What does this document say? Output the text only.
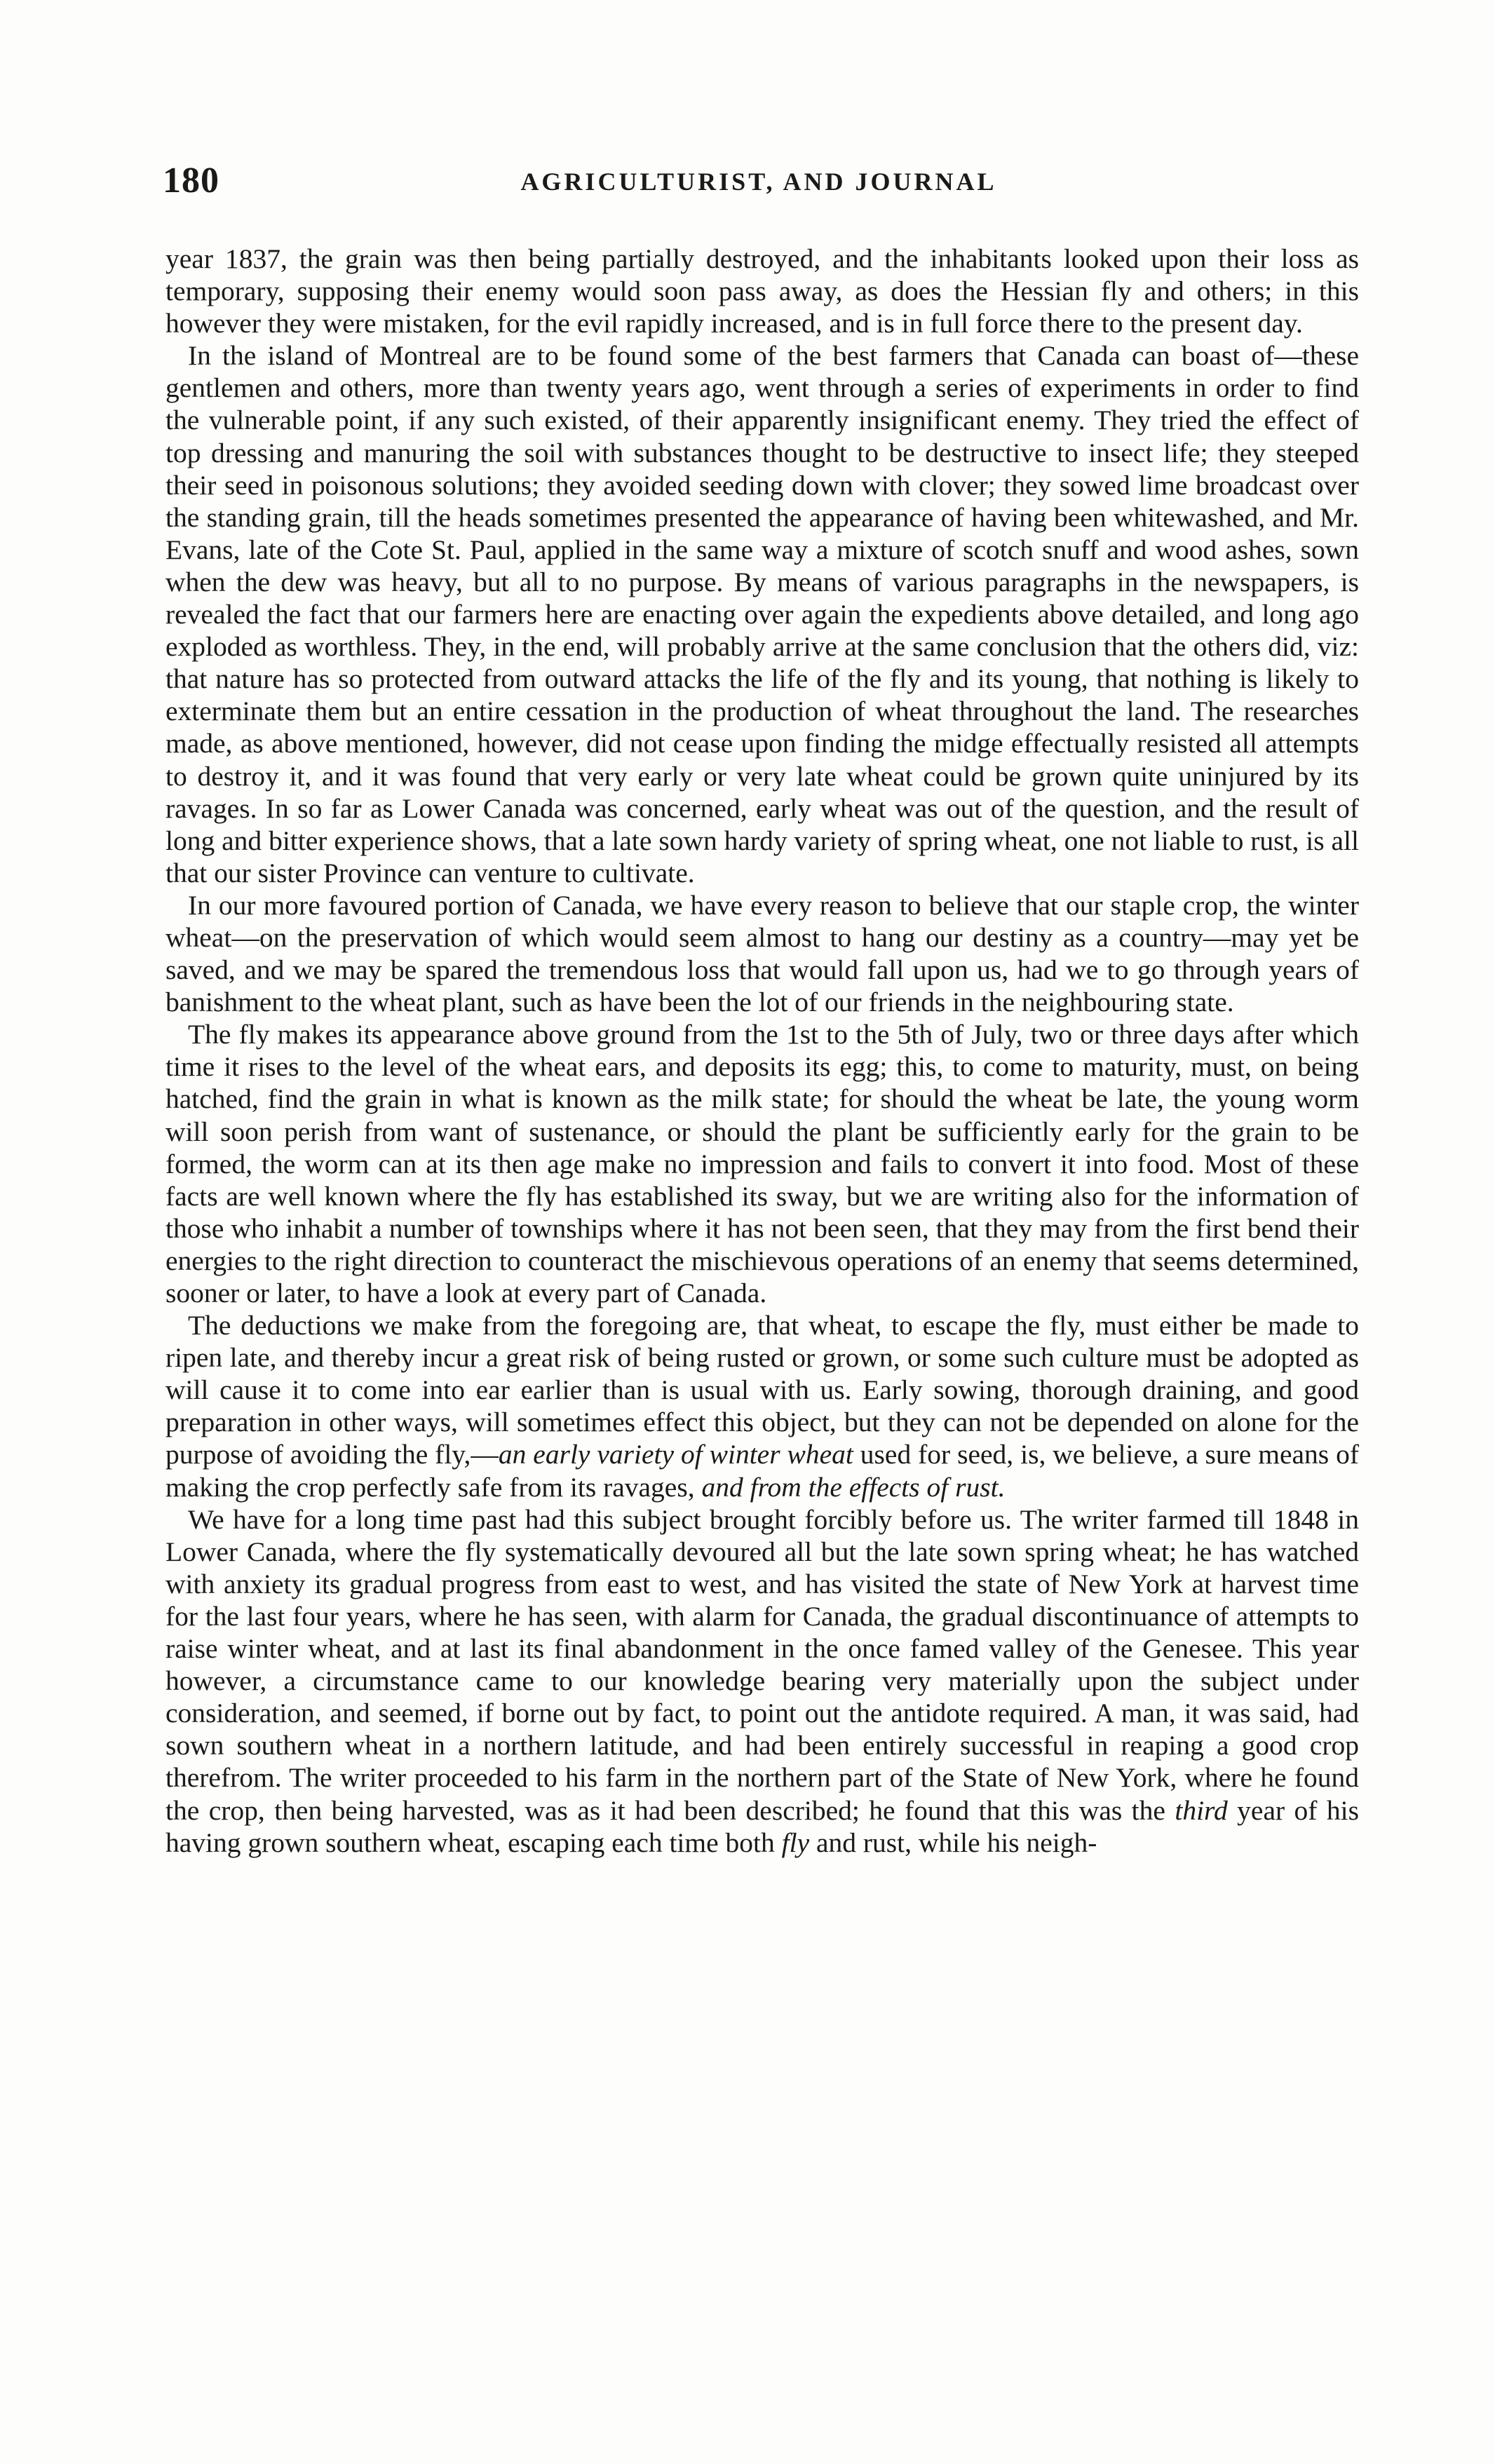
180	AGRICULTURIST, AND JOURNAL

year 1837, the grain was then being partially destroyed, and the inhabitants looked upon their loss as temporary, supposing their enemy would soon pass away, as does the Hessian fly and others; in this however they were mistaken, for the evil rapidly increased, and is in full force there to the present day.

In the island of Montreal are to be found some of the best farmers that Canada can boast of—these gentlemen and others, more than twenty years ago, went through a series of experiments in order to find the vulnerable point, if any such existed, of their apparently insignificant enemy. They tried the effect of top dressing and manuring the soil with substances thought to be destructive to insect life; they steeped their seed in poisonous solutions; they avoided seeding down with clover; they sowed lime broadcast over the standing grain, till the heads sometimes presented the appearance of having been whitewashed, and Mr. Evans, late of the Cote St. Paul, applied in the same way a mixture of scotch snuff and wood ashes, sown when the dew was heavy, but all to no purpose. By means of various paragraphs in the newspapers, is revealed the fact that our farmers here are enacting over again the expedients above detailed, and long ago exploded as worthless. They, in the end, will probably arrive at the same conclusion that the others did, viz: that nature has so protected from outward attacks the life of the fly and its young, that nothing is likely to exterminate them but an entire cessation in the production of wheat throughout the land. The researches made, as above mentioned, however, did not cease upon finding the midge effectually resisted all attempts to destroy it, and it was found that very early or very late wheat could be grown quite uninjured by its ravages. In so far as Lower Canada was concerned, early wheat was out of the question, and the result of long and bitter experience shows, that a late sown hardy variety of spring wheat, one not liable to rust, is all that our sister Province can venture to cultivate.

In our more favoured portion of Canada, we have every reason to believe that our staple crop, the winter wheat—on the preservation of which would seem almost to hang our destiny as a country—may yet be saved, and we may be spared the tremendous loss that would fall upon us, had we to go through years of banishment to the wheat plant, such as have been the lot of our friends in the neighbouring state.

The fly makes its appearance above ground from the 1st to the 5th of July, two or three days after which time it rises to the level of the wheat ears, and deposits its egg; this, to come to maturity, must, on being hatched, find the grain in what is known as the milk state; for should the wheat be late, the young worm will soon perish from want of sustenance, or should the plant be sufficiently early for the grain to be formed, the worm can at its then age make no impression and fails to convert it into food. Most of these facts are well known where the fly has established its sway, but we are writing also for the information of those who inhabit a number of townships where it has not been seen, that they may from the first bend their energies to the right direction to counteract the mischievous operations of an enemy that seems determined, sooner or later, to have a look at every part of Canada.

The deductions we make from the foregoing are, that wheat, to escape the fly, must either be made to ripen late, and thereby incur a great risk of being rusted or grown, or some such culture must be adopted as will cause it to come into ear earlier than is usual with us. Early sowing, thorough draining, and good preparation in other ways, will sometimes effect this object, but they can not be depended on alone for the purpose of avoiding the fly,—an early variety of winter wheat used for seed, is, we believe, a sure means of making the crop perfectly safe from its ravages, and from the effects of rust.

We have for a long time past had this subject brought forcibly before us. The writer farmed till 1848 in Lower Canada, where the fly systematically devoured all but the late sown spring wheat; he has watched with anxiety its gradual progress from east to west, and has visited the state of New York at harvest time for the last four years, where he has seen, with alarm for Canada, the gradual discontinuance of attempts to raise winter wheat, and at last its final abandonment in the once famed valley of the Genesee. This year however, a circumstance came to our knowledge bearing very materially upon the subject under consideration, and seemed, if borne out by fact, to point out the antidote required. A man, it was said, had sown southern wheat in a northern latitude, and had been entirely successful in reaping a good crop therefrom. The writer proceeded to his farm in the northern part of the State of New York, where he found the crop, then being harvested, was as it had been described; he found that this was the third year of his having grown southern wheat, escaping each time both fly and rust, while his neigh-
